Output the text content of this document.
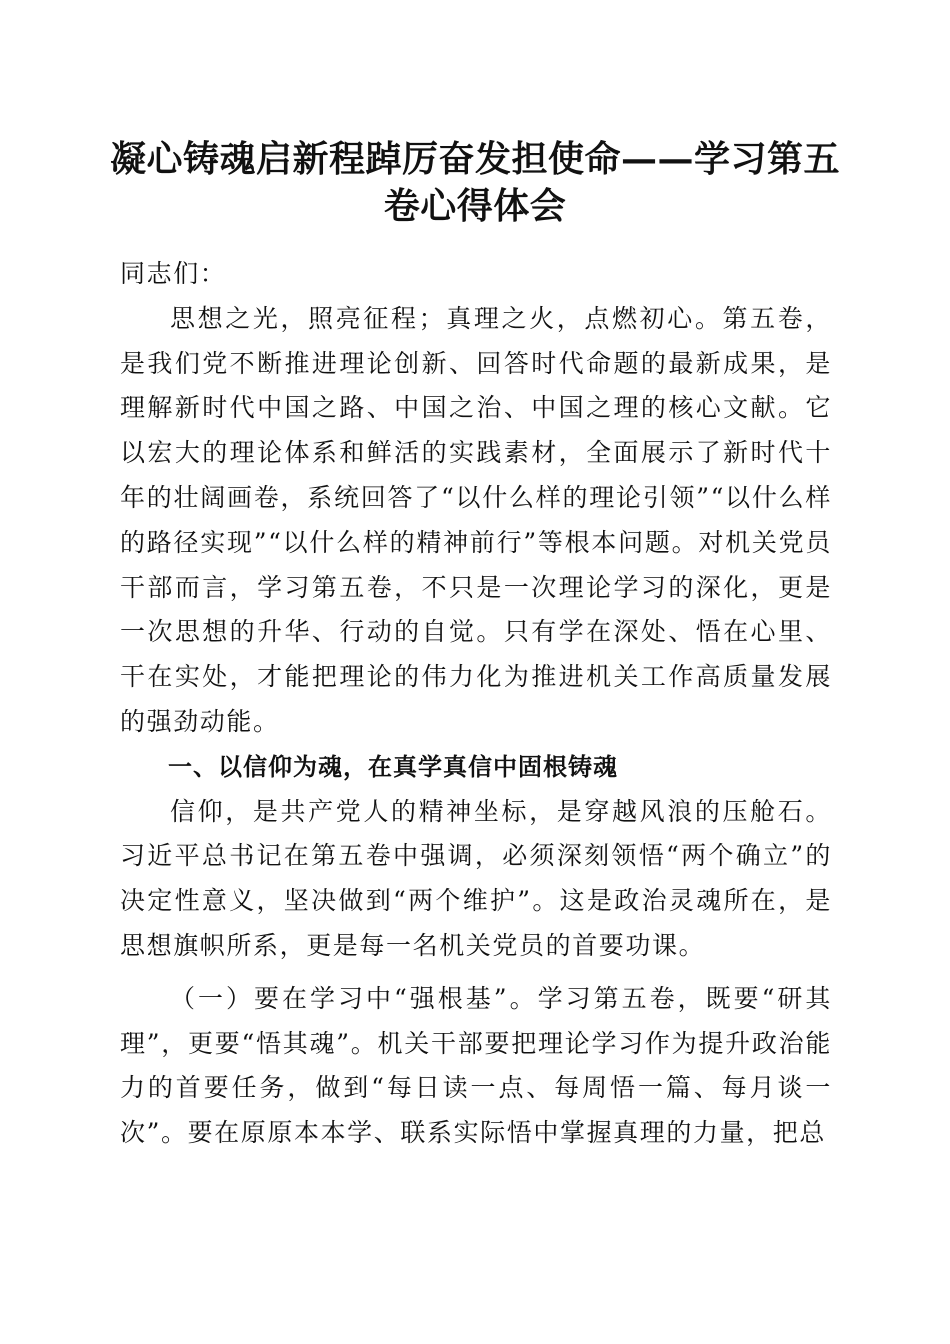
凝心铸魂启新程踔厉奋发担使命——学习第五卷心得体会

同志们：

思想之光，照亮征程；真理之火，点燃初心。第五卷，是我们党不断推进理论创新、回答时代命题的最新成果，是理解新时代中国之路、中国之治、中国之理的核心文献。它以宏大的理论体系和鲜活的实践素材，全面展示了新时代十年的壮阔画卷，系统回答了“以什么样的理论引领”“以什么样的路径实现”“以什么样的精神前行”等根本问题。对机关党员干部而言，学习第五卷，不只是一次理论学习的深化，更是一次思想的升华、行动的自觉。只有学在深处、悟在心里、干在实处，才能把理论的伟力化为推进机关工作高质量发展的强劲动能。

一、以信仰为魂，在真学真信中固根铸魂

信仰，是共产党人的精神坐标，是穿越风浪的压舱石。习近平总书记在第五卷中强调，必须深刻领悟“两个确立”的决定性意义，坚决做到“两个维护”。这是政治灵魂所在，是思想旗帜所系，更是每一名机关党员的首要功课。

（一）要在学习中“强根基”。学习第五卷，既要“研其理”，更要“悟其魂”。机关干部要把理论学习作为提升政治能力的首要任务，做到“每日读一点、每周悟一篇、每月谈一次”。要在原原本本学、联系实际悟中掌握真理的力量，把总
